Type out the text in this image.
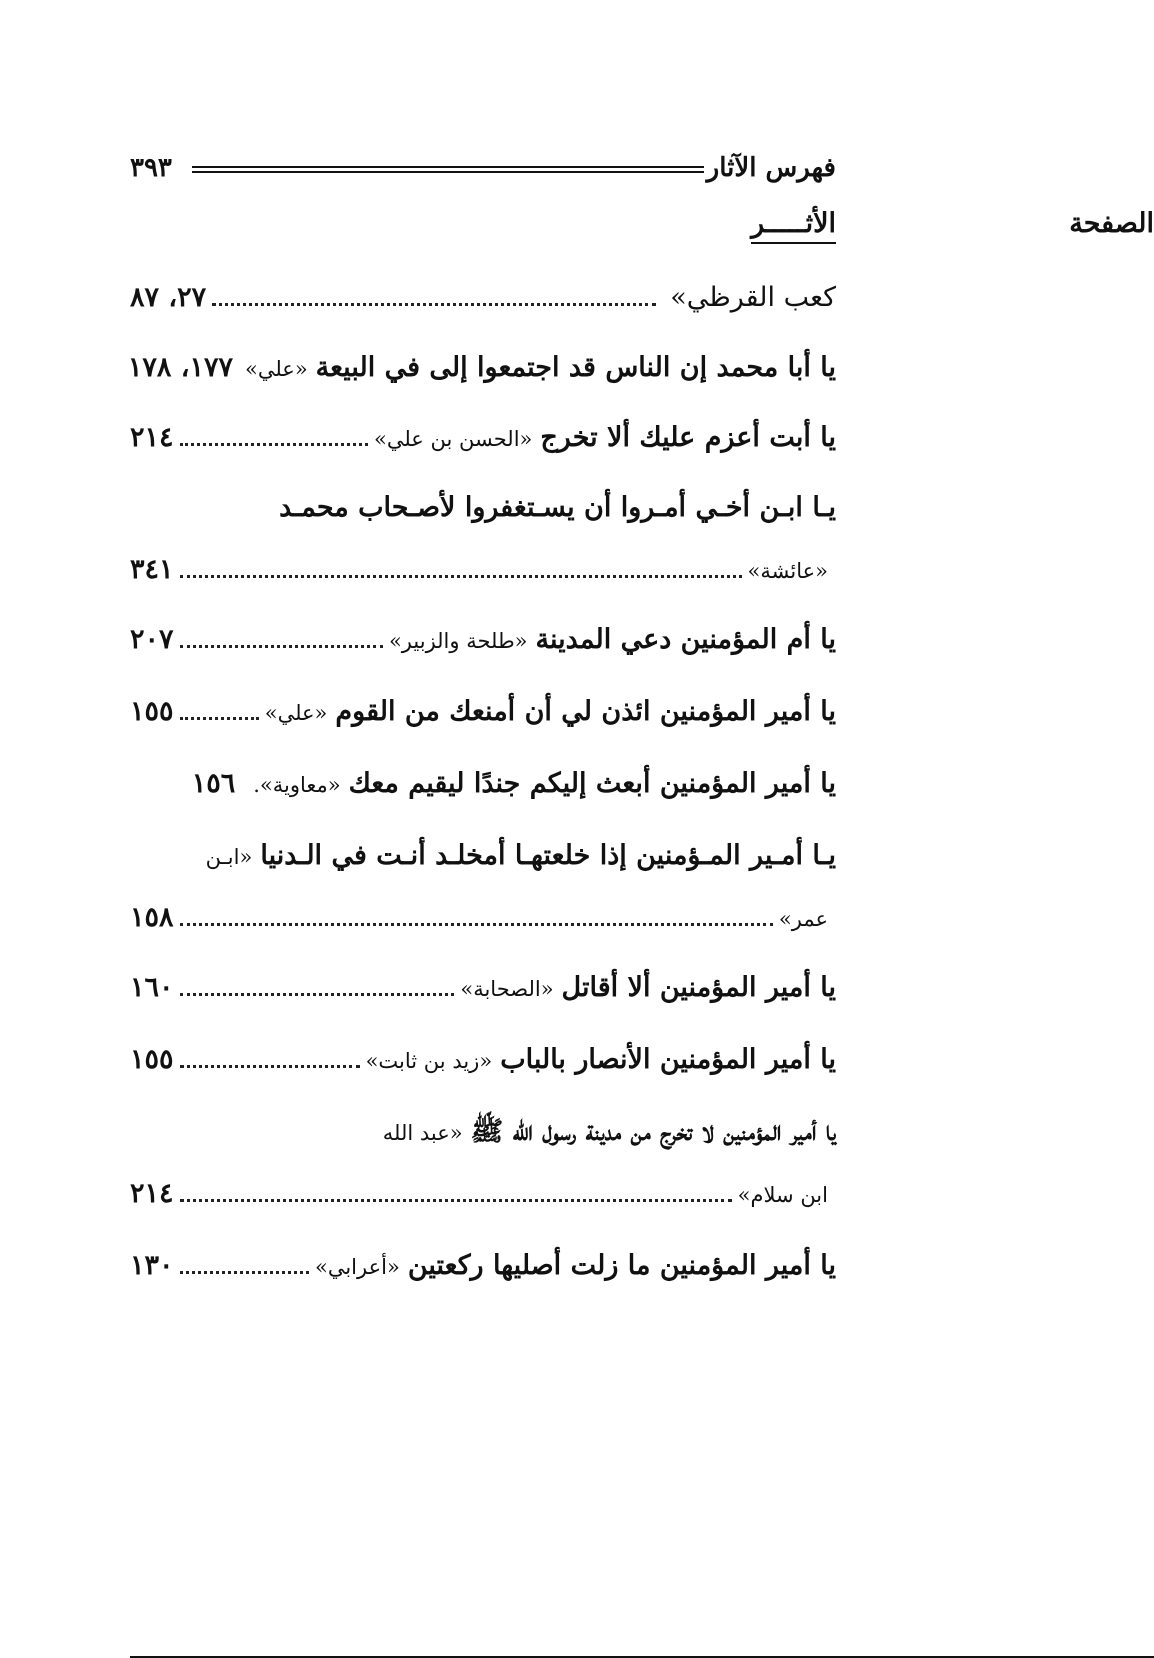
فهرس الآثار
٣٩٣
الأثـــــر	الصفحة
كعب القرظي»
٢٧، ٨٧
يا أبا محمد إن الناس قد اجتمعوا إلى في البيعة
«علي»
١٧٧، ١٧٨
يا أبت أعزم عليك ألا تخرج
«الحسن بن علي»
٢١٤
يـا ابـن أخـي أمـروا أن يسـتغفروا لأصـحاب محمـد
«عائشة»
٣٤١
يا أم المؤمنين دعي المدينة
«طلحة والزبير»
٢٠٧
يا أمير المؤمنين ائذن لي أن أمنعك من القوم
«علي»
١٥٥
يا أمير المؤمنين أبعث إليكم جندًا ليقيم معك
«معاوية».
١٥٦
يـا أمـير المـؤمنين إذا خلعتهـا أمخلـد أنـت في الـدنيا
«ابـن
عمر»
١٥٨
يا أمير المؤمنين ألا أقاتل
«الصحابة»
١٦٠
يا أمير المؤمنين الأنصار بالباب
«زيد بن ثابت»
١٥٥
يا أمير المؤمنين لا تخرج من مدينة رسول الله ﷺ
«عبد الله
ابن سلام»
٢١٤
يا أمير المؤمنين ما زلت أصليها ركعتين
«أعرابي»
١٣٠
